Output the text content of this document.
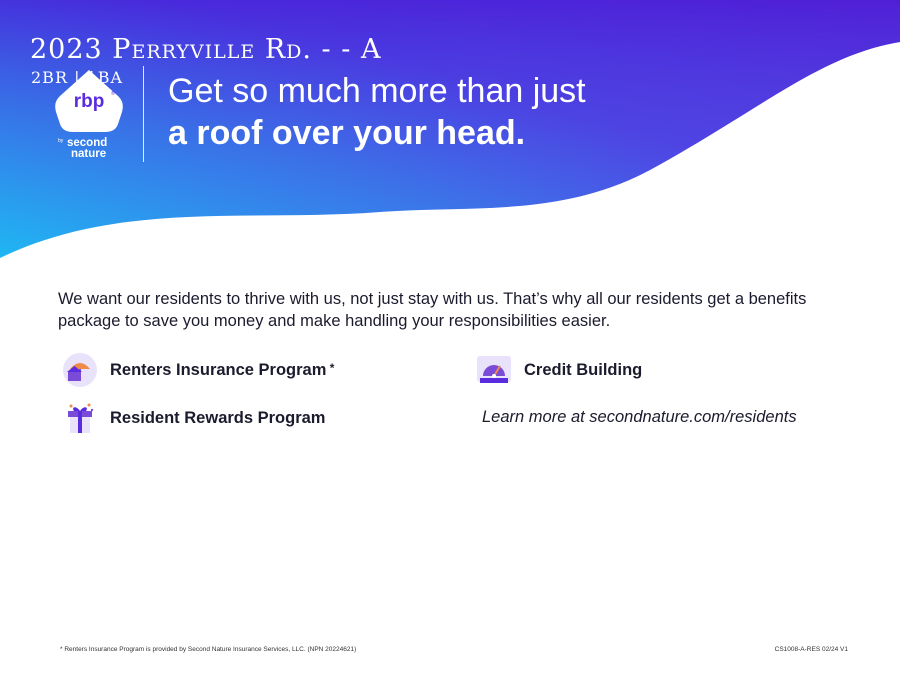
rbp ®
by second
nature
2023 Perryville Rd. - - A
2BR | 1BA Get so much more than just
a roof over your head.
We want our residents to thrive with us, not just stay with us. That’s why all our residents get a benefits package to save you money and make handling your responsibilities easier.
Renters Insurance Program *	Credit Building
Resident Rewards Program	Learn more at secondnature.com/residents
* Renters Insurance Program is provided by Second Nature Insurance Services, LLC. (NPN 20224621)	CS1008-A-RES 02/24 V1
